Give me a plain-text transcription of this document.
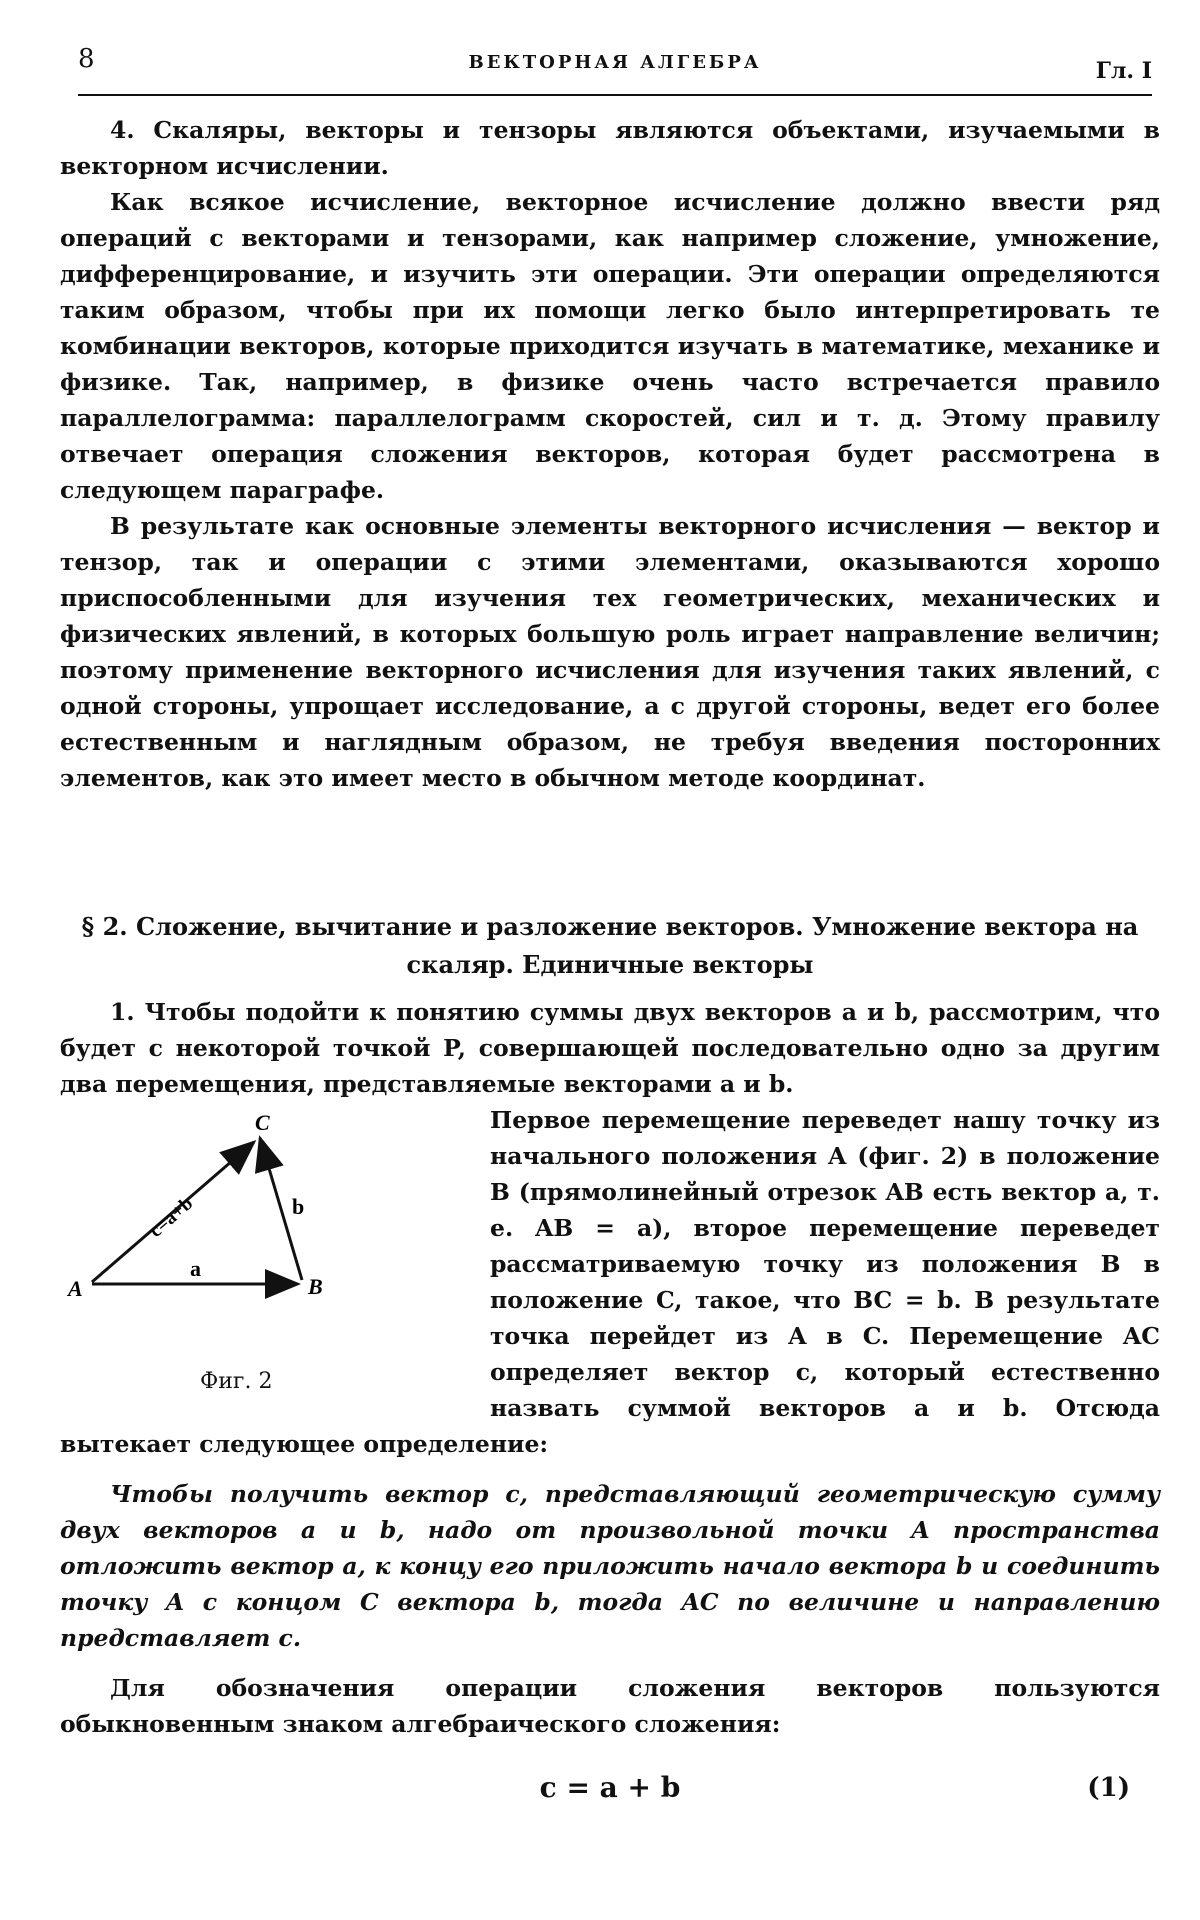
8	ВЕКТОРНАЯ АЛГЕБРА	Гл. I

4. Скаляры, векторы и тензоры являются объектами, изучаемыми в векторном исчислении.

Как всякое исчисление, векторное исчисление должно ввести ряд операций с векторами и тензорами, как например сложение, умножение, дифференцирование, и изучить эти операции. Эти операции определяются таким образом, чтобы при их помощи легко было интерпретировать те комбинации векторов, которые приходится изучать в математике, механике и физике. Так, например, в физике очень часто встречается правило параллелограмма: параллелограмм скоростей, сил и т. д. Этому правилу отвечает операция сложения векторов, которая будет рассмотрена в следующем параграфе.

В результате как основные элементы векторного исчисления — вектор и тензор, так и операции с этими элементами, оказываются хорошо приспособленными для изучения тех геометрических, механических и физических явлений, в которых большую роль играет направление величин; поэтому применение векторного исчисления для изучения таких явлений, с одной стороны, упрощает исследование, а с другой стороны, ведет его более естественным и наглядным образом, не требуя введения посторонних элементов, как это имеет место в обычном методе координат.

§ 2. Сложение, вычитание и разложение векторов. Умножение вектора на скаляр. Единичные векторы

1. Чтобы подойти к понятию суммы двух векторов a и b, рассмотрим, что будет с некоторой точкой P, совершающей последовательно одно за другим два перемещения, представляемые векторами a и b.

A	B
C
a
b
c=a+b
Фиг. 2

Первое перемещение переведет нашу точку из начального положения A (фиг. 2) в положение B (прямолинейный отрезок AB есть вектор a, т. е. AB = a), второе перемещение переведет рассматриваемую точку из положения B в положение C, такое, что BC = b. В результате точка перейдет из A в C. Перемещение AC определяет вектор c, который естественно назвать суммой векторов a и b. Отсюда вытекает следующее определение:

Чтобы получить вектор c, представляющий геометрическую сумму двух векторов a и b, надо от произвольной точки A пространства отложить вектор a, к концу его приложить начало вектора b и соединить точку A с концом C вектора b, тогда AC по величине и направлению представляет c.

Для обозначения операции сложения векторов пользуются обыкновенным знаком алгебраического сложения:

c = a + b	(1)
